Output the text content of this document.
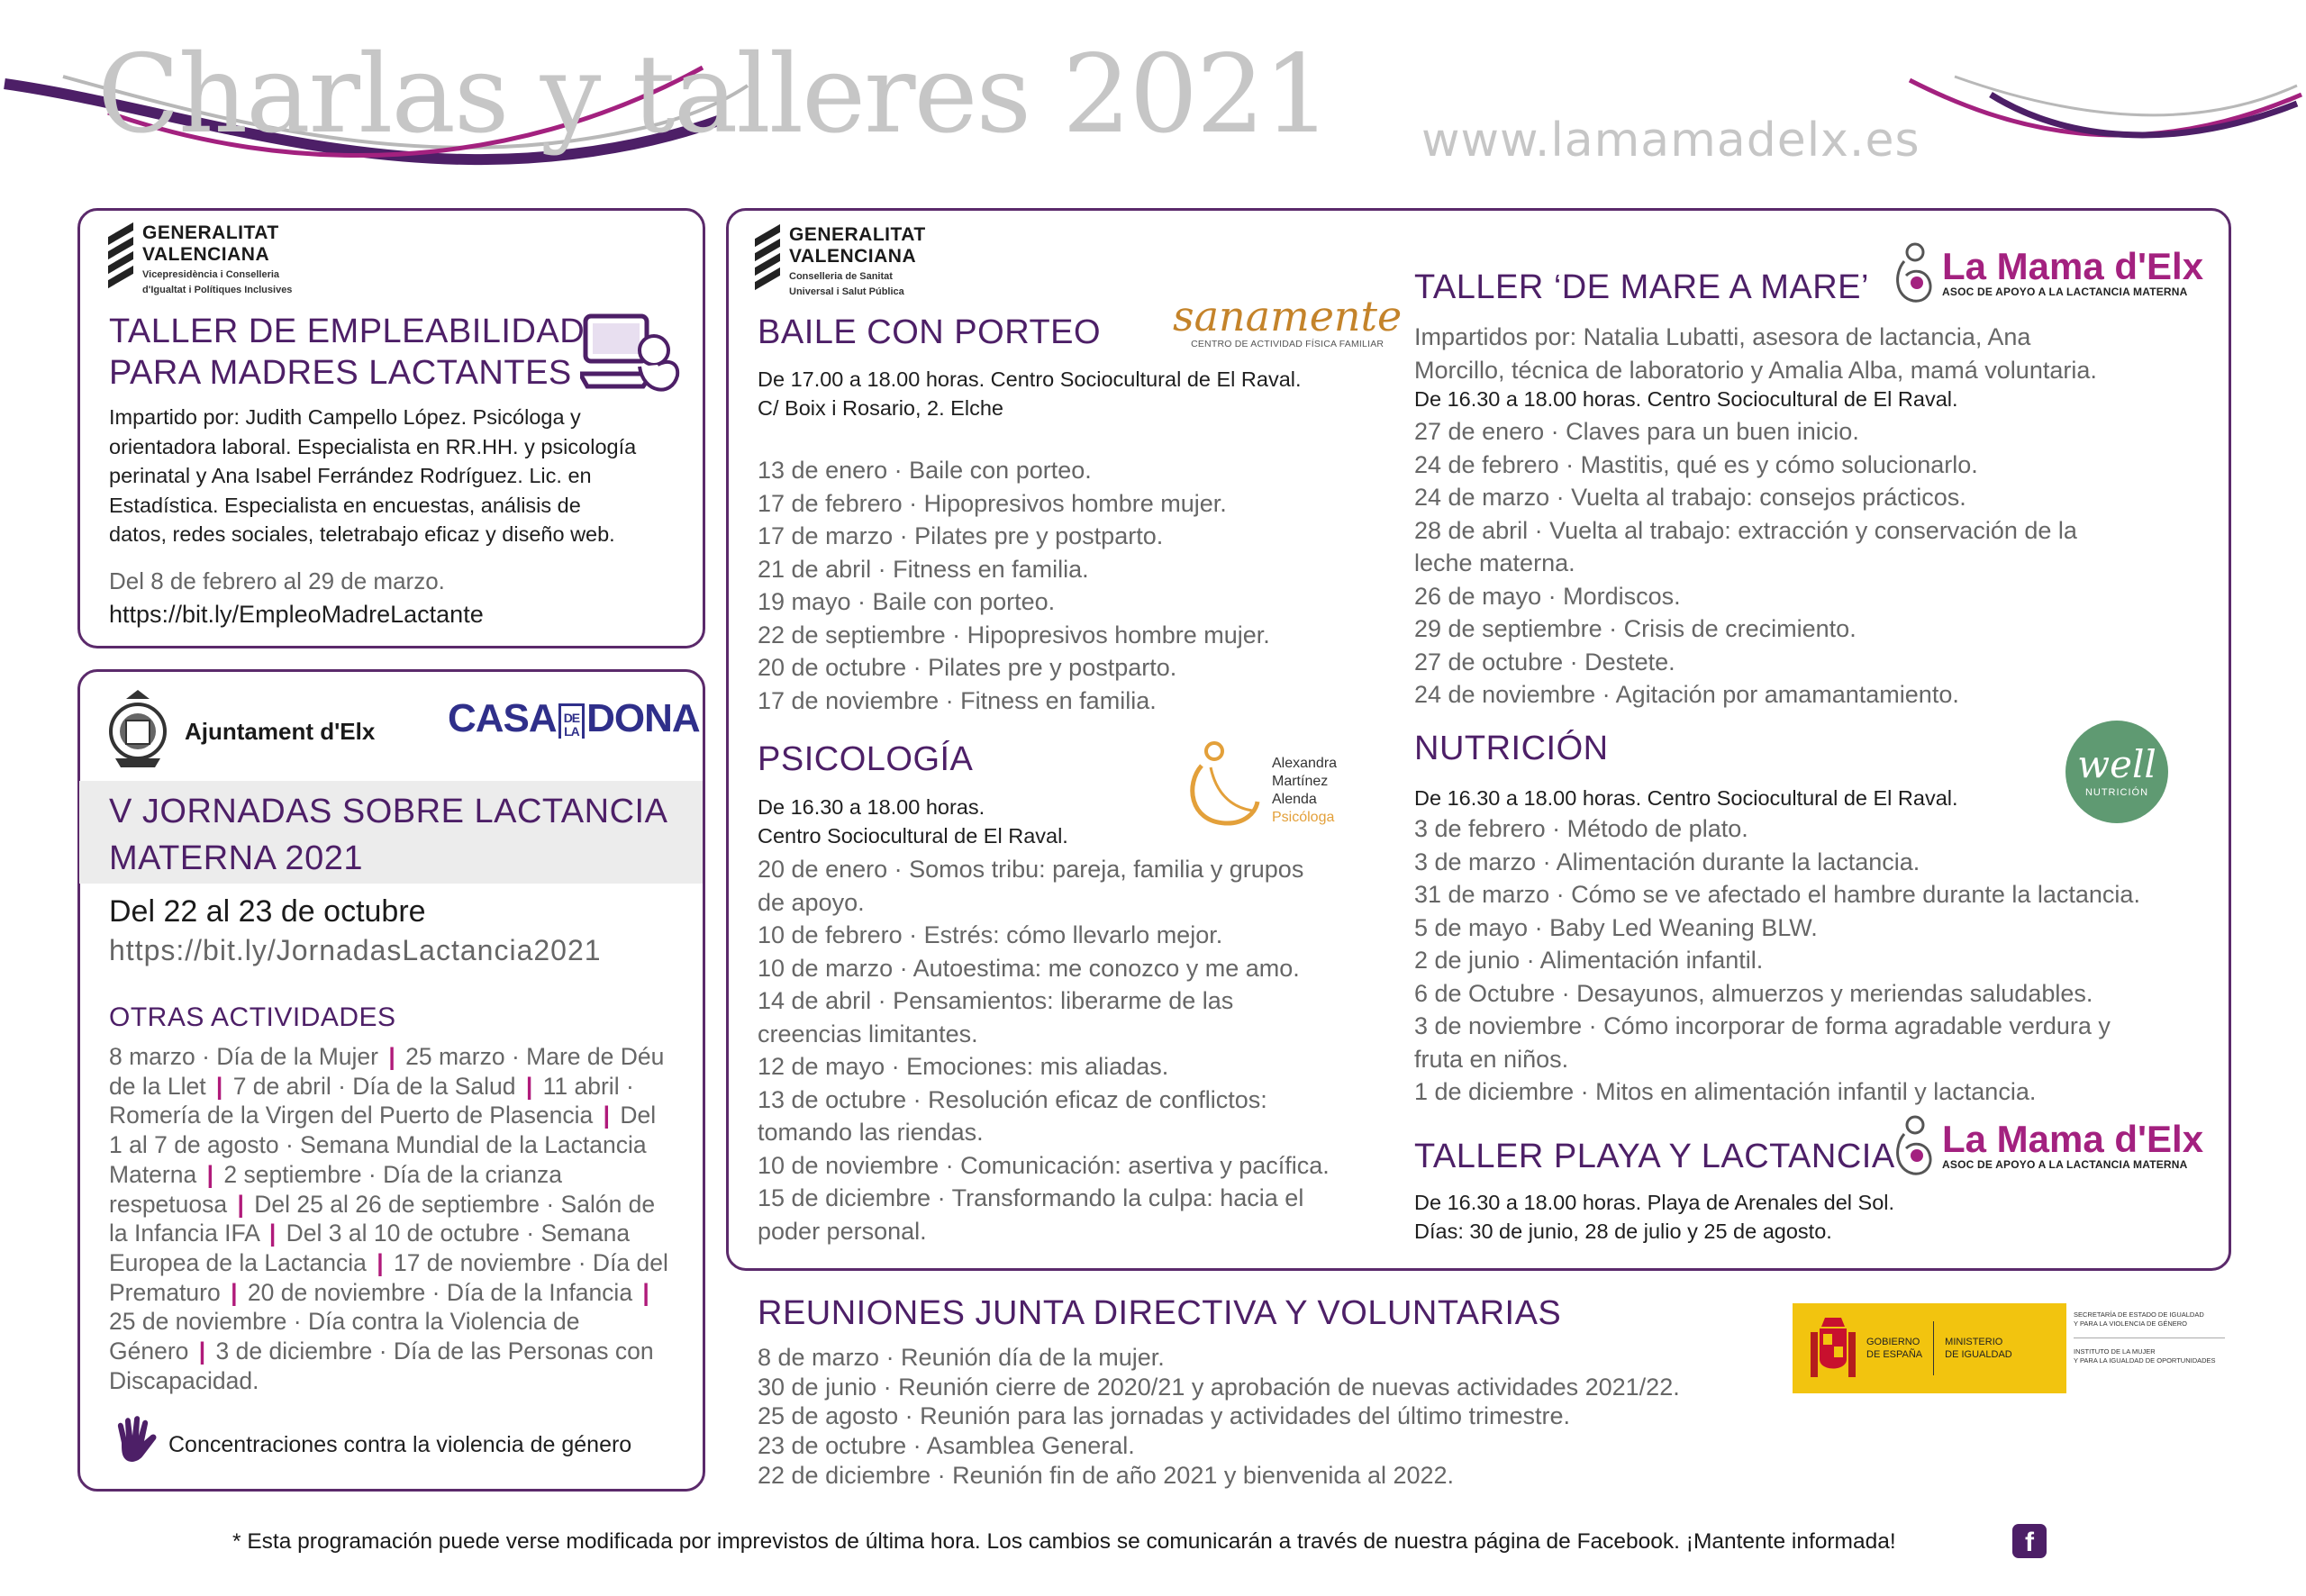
Charlas y talleres 2021 www.lamamadelx.es
GENERALITAT
VALENCIANA
Vicepresidència i Conselleria
d'Igualtat i Polítiques Inclusives
TALLER DE EMPLEABILIDAD
PARA MADRES LACTANTES
Impartido por: Judith Campello López. Psicóloga y
orientadora laboral. Especialista en RR.HH. y psicología
perinatal y Ana Isabel Ferrández Rodríguez. Lic. en
Estadística. Especialista en encuestas, análisis de
datos, redes sociales, teletrabajo eficaz y diseño web.
Del 8 de febrero al 29 de marzo.
https://bit.ly/EmpleoMadreLactante
Ajuntament d'Elx CASA DE
LA DONA
V JORNADAS SOBRE LACTANCIA
MATERNA 2021
Del 22 al 23 de octubre
https://bit.ly/JornadasLactancia2021
OTRAS ACTIVIDADES
8 marzo · Día de la Mujer | 25 marzo · Mare de Déu
de la Llet | 7 de abril · Día de la Salud | 11 abril ·
Romería de la Virgen del Puerto de Plasencia | Del
1 al 7 de agosto · Semana Mundial de la Lactancia
Materna | 2 septiembre · Día de la crianza
respetuosa | Del 25 al 26 de septiembre · Salón de
la Infancia IFA | Del 3 al 10 de octubre · Semana
Europea de la Lactancia | 17 de noviembre · Día del
Prematuro | 20 de noviembre · Día de la Infancia |
25 de noviembre · Día contra la Violencia de
Género | 3 de diciembre · Día de las Personas con
Discapacidad.
Concentraciones contra la violencia de género
GENERALITAT
VALENCIANA
Conselleria de Sanitat
Universal i Salut Pública
BAILE CON PORTEO sanamente
CENTRO DE ACTIVIDAD FÍSICA FAMILIAR
De 17.00 a 18.00 horas. Centro Sociocultural de El Raval.
C/ Boix i Rosario, 2. Elche
13 de enero · Baile con porteo.
17 de febrero · Hipopresivos hombre mujer.
17 de marzo · Pilates pre y postparto.
21 de abril · Fitness en familia.
19 mayo · Baile con porteo.
22 de septiembre · Hipopresivos hombre mujer.
20 de octubre · Pilates pre y postparto.
17 de noviembre · Fitness en familia.
PSICOLOGÍA	Alexandra
Martínez
Alenda
Psicóloga
De 16.30 a 18.00 horas.
Centro Sociocultural de El Raval.
20 de enero · Somos tribu: pareja, familia y grupos
de apoyo.
10 de febrero · Estrés: cómo llevarlo mejor.
10 de marzo · Autoestima: me conozco y me amo.
14 de abril · Pensamientos: liberarme de las
creencias limitantes.
12 de mayo · Emociones: mis aliadas.
13 de octubre · Resolución eficaz de conflictos:
tomando las riendas.
10 de noviembre · Comunicación: asertiva y pacífica.
15 de diciembre · Transformando la culpa: hacia el
poder personal.
TALLER ‘DE MARE A MARE’ La Mama d'Elx
ASOC DE APOYO A LA LACTANCIA MATERNA
Impartidos por: Natalia Lubatti, asesora de lactancia, Ana
Morcillo, técnica de laboratorio y Amalia Alba, mamá voluntaria.
De 16.30 a 18.00 horas. Centro Sociocultural de El Raval.
27 de enero · Claves para un buen inicio.
24 de febrero · Mastitis, qué es y cómo solucionarlo.
24 de marzo · Vuelta al trabajo: consejos prácticos.
28 de abril · Vuelta al trabajo: extracción y conservación de la
leche materna.
26 de mayo · Mordiscos.
29 de septiembre · Crisis de crecimiento.
27 de octubre · Destete.
24 de noviembre · Agitación por amamantamiento.
NUTRICIÓN	well
NUTRICIÓN
De 16.30 a 18.00 horas. Centro Sociocultural de El Raval.
3 de febrero · Método de plato.
3 de marzo · Alimentación durante la lactancia.
31 de marzo · Cómo se ve afectado el hambre durante la lactancia.
5 de mayo · Baby Led Weaning BLW.
2 de junio · Alimentación infantil.
6 de Octubre · Desayunos, almuerzos y meriendas saludables.
3 de noviembre · Cómo incorporar de forma agradable verdura y
fruta en niños.
1 de diciembre · Mitos en alimentación infantil y lactancia.
TALLER PLAYA Y LACTANCIA La Mama d'Elx
ASOC DE APOYO A LA LACTANCIA MATERNA
De 16.30 a 18.00 horas. Playa de Arenales del Sol.
Días: 30 de junio, 28 de julio y 25 de agosto.
REUNIONES JUNTA DIRECTIVA Y VOLUNTARIAS
8 de marzo · Reunión día de la mujer.
30 de junio · Reunión cierre de 2020/21 y aprobación de nuevas actividades 2021/22.
25 de agosto · Reunión para las jornadas y actividades del último trimestre.
23 de octubre · Asamblea General.
22 de diciembre · Reunión fin de año 2021 y bienvenida al 2022.
GOBIERNO
DE ESPAÑA
MINISTERIO
DE IGUALDAD
SECRETARÍA DE ESTADO DE IGUALDAD
Y PARA LA VIOLENCIA DE GÉNERO
INSTITUTO DE LA MUJER
Y PARA LA IGUALDAD DE OPORTUNIDADES
* Esta programación puede verse modificada por imprevistos de última hora. Los cambios se comunicarán a través de nuestra página de Facebook. ¡Mantente informada!	f
